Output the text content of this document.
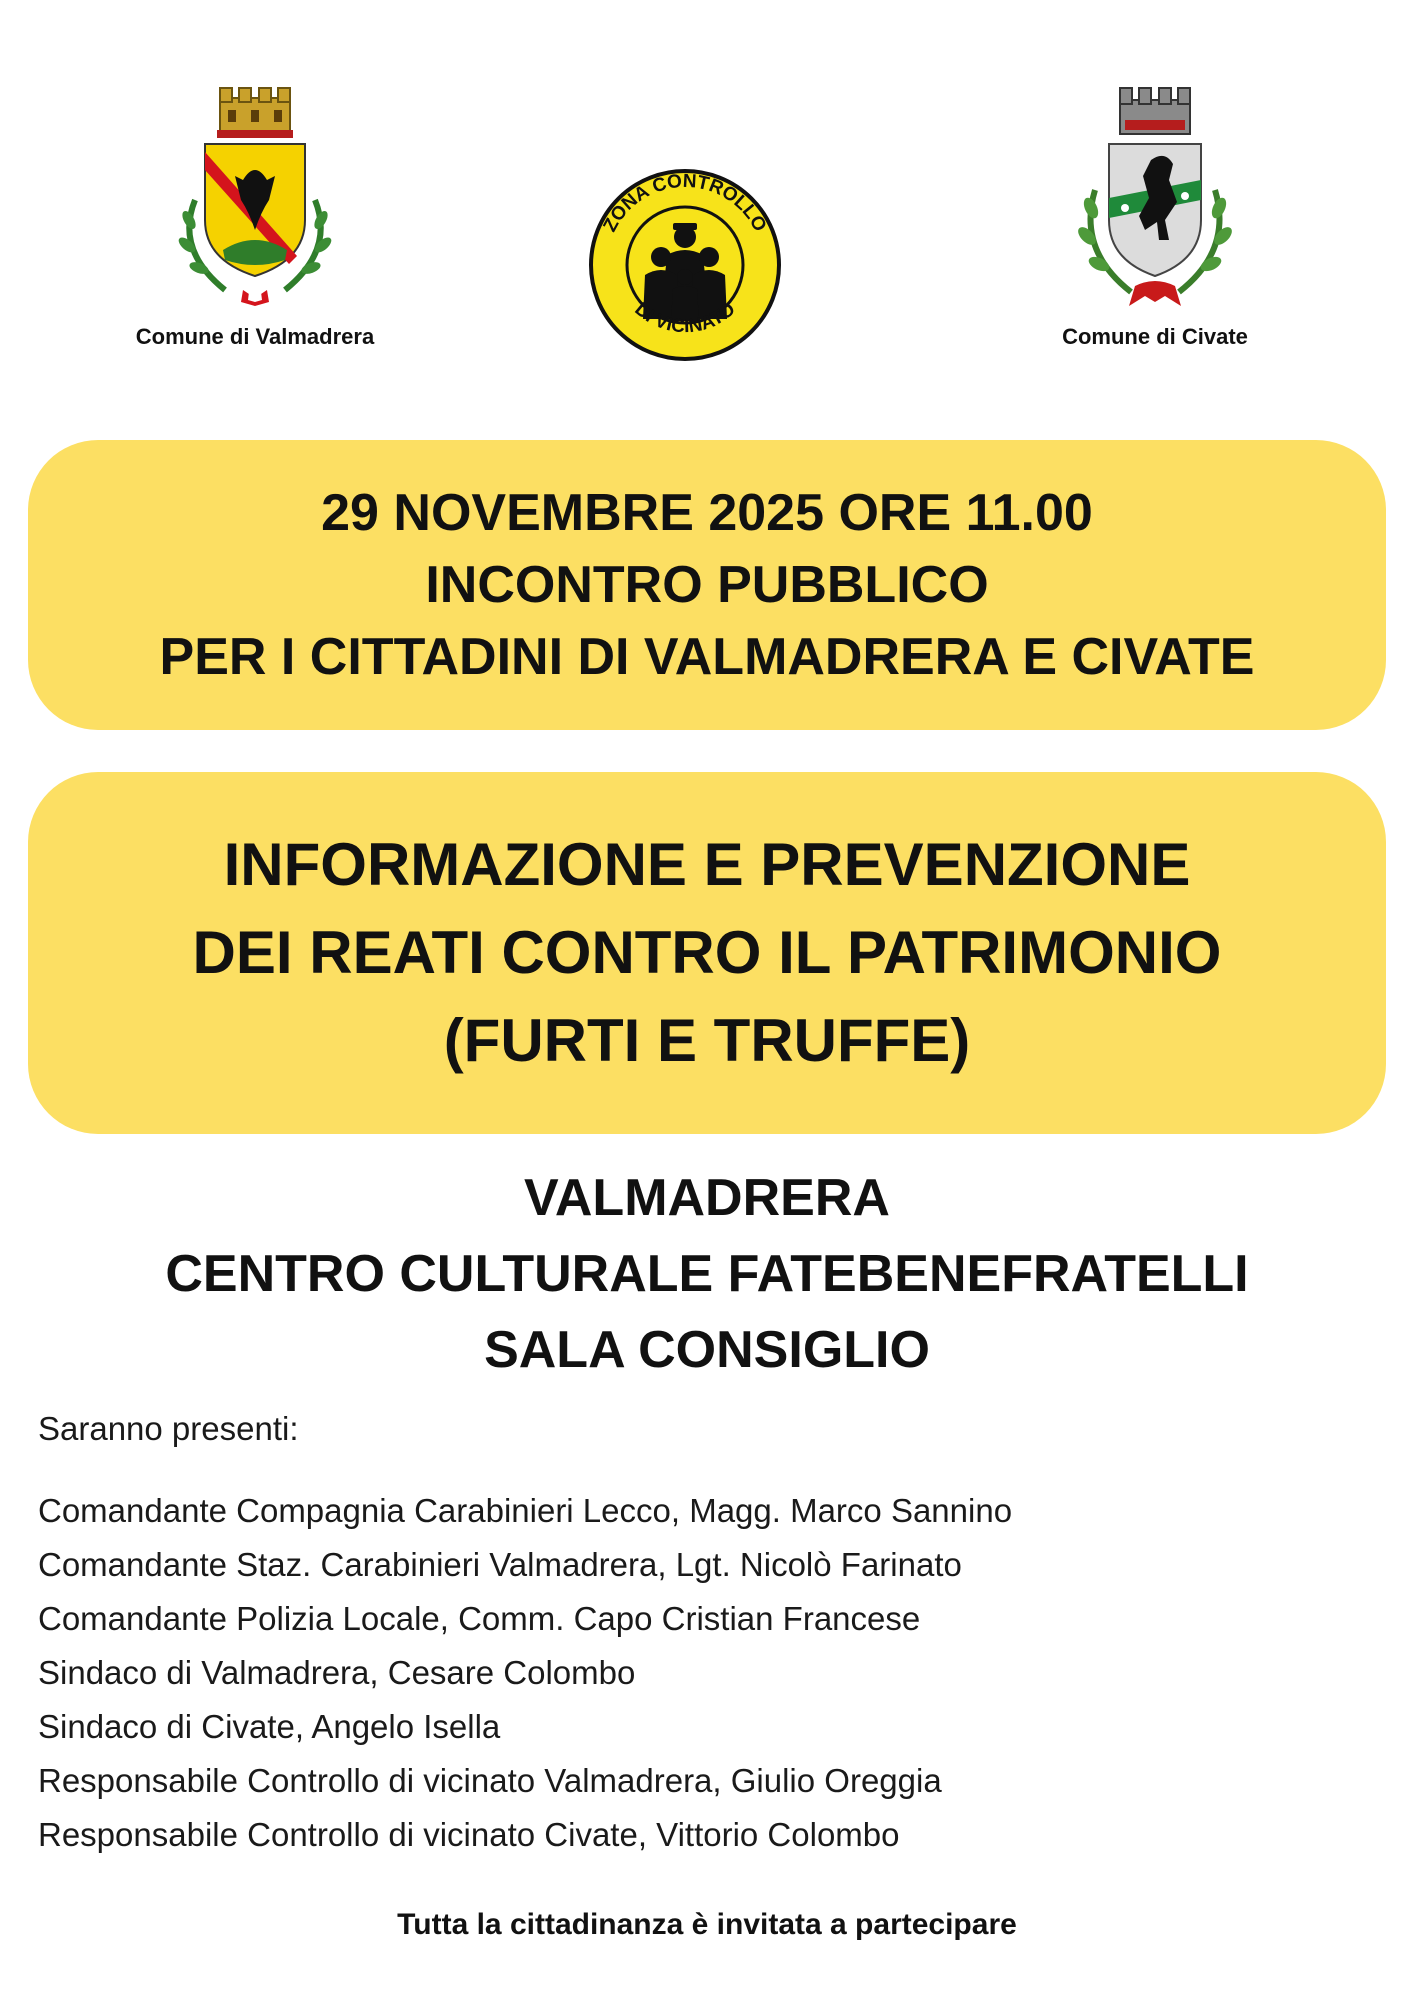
Comune di Valmadrera
ZONA CONTROLLO
DI VICINATO
Comune di Civate
29 NOVEMBRE 2025 ORE 11.00
INCONTRO PUBBLICO
PER I CITTADINI DI VALMADRERA E CIVATE
INFORMAZIONE E PREVENZIONE
DEI REATI CONTRO IL PATRIMONIO
(FURTI E TRUFFE)
VALMADRERA
CENTRO CULTURALE FATEBENEFRATELLI
SALA CONSIGLIO
Saranno presenti:
Comandante Compagnia Carabinieri Lecco, Magg. Marco Sannino
Comandante Staz. Carabinieri Valmadrera, Lgt. Nicolò Farinato
Comandante Polizia Locale, Comm. Capo Cristian Francese
Sindaco di Valmadrera, Cesare Colombo
Sindaco di Civate, Angelo Isella
Responsabile Controllo di vicinato Valmadrera, Giulio Oreggia
Responsabile Controllo di vicinato Civate, Vittorio Colombo
Tutta la cittadinanza è invitata a partecipare
